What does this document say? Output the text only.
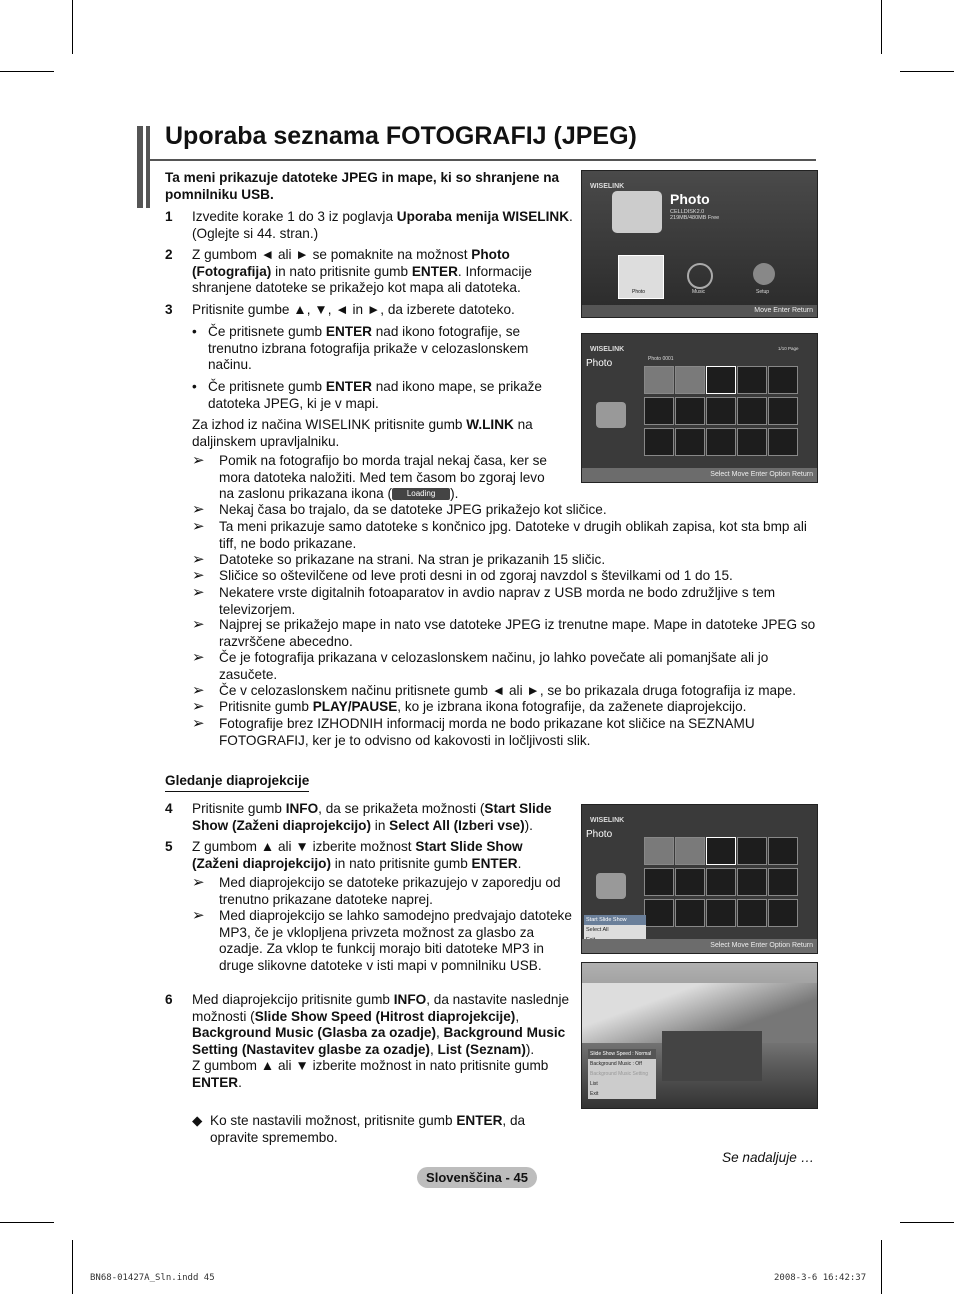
Uporaba seznama FOTOGRAFIJ (JPEG)
Ta meni prikazuje datoteke JPEG in mape, ki so shranjene na pomnilniku USB.
1 Izvedite korake 1 do 3 iz poglavja Uporaba menija WISELINK. (Oglejte si 44. stran.)
2 Z gumbom ◄ ali ► se pomaknite na možnost Photo (Fotografija) in nato pritisnite gumb ENTER. Informacije shranjene datoteke se prikažejo kot mapa ali datoteka.
3 Pritisnite gumbe ▲, ▼, ◄ in ►, da izberete datoteko.
• Če pritisnete gumb ENTER nad ikono fotografije, se trenutno izbrana fotografija prikaže v celozaslonskem načinu.
• Če pritisnete gumb ENTER nad ikono mape, se prikaže datoteka JPEG, ki je v mapi.
Za izhod iz načina WISELINK pritisnite gumb W.LINK na daljinskem upravljalniku.
➢ Pomik na fotografijo bo morda trajal nekaj časa, ker se mora datoteka naložiti. Med tem časom bo zgoraj levo na zaslonu prikazana ikona ( Loading ).
➢ Nekaj časa bo trajalo, da se datoteke JPEG prikažejo kot sličice.
➢ Ta meni prikazuje samo datoteke s končnico jpg. Datoteke v drugih oblikah zapisa, kot sta bmp ali tiff, ne bodo prikazane.
➢ Datoteke so prikazane na strani. Na stran je prikazanih 15 sličic.
➢ Sličice so oštevilčene od leve proti desni in od zgoraj navzdol s številkami od 1 do 15.
➢ Nekatere vrste digitalnih fotoaparatov in avdio naprav z USB morda ne bodo združljive s tem televizorjem.
➢ Najprej se prikažejo mape in nato vse datoteke JPEG iz trenutne mape. Mape in datoteke JPEG so razvrščene abecedno.
➢ Če je fotografija prikazana v celozaslonskem načinu, jo lahko povečate ali pomanjšate ali jo zasučete.
➢ Če v celozaslonskem načinu pritisnete gumb ◄ ali ►, se bo prikazala druga fotografija iz mape.
➢ Pritisnite gumb PLAY/PAUSE, ko je izbrana ikona fotografije, da zaženete diaprojekcijo.
➢ Fotografije brez IZHODNIH informacij morda ne bodo prikazane kot sličice na SEZNAMU FOTOGRAFIJ, ker je to odvisno od kakovosti in ločljivosti slik.
Gledanje diaprojekcije
4 Pritisnite gumb INFO, da se prikažeta možnosti (Start Slide Show (Zaženi diaprojekcijo) in Select All (Izberi vse)).
5 Z gumbom ▲ ali ▼ izberite možnost Start Slide Show (Zaženi diaprojekcijo) in nato pritisnite gumb ENTER.
➢ Med diaprojekcijo se datoteke prikazujejo v zaporedju od trenutno prikazane datoteke naprej.
➢ Med diaprojekcijo se lahko samodejno predvajajo datoteke MP3, če je vklopljena privzeta možnost za glasbo za ozadje. Za vklop te funkcij morajo biti datoteke MP3 in druge slikovne datoteke v isti mapi v pomnilniku USB.
6 Med diaprojekcijo pritisnite gumb INFO, da nastavite naslednje možnosti (Slide Show Speed (Hitrost diaprojekcije), Background Music (Glasba za ozadje), Background Music Setting (Nastavitev glasbe za ozadje), List (Seznam)).
Z gumbom ▲ ali ▼ izberite možnost in nato pritisnite gumb ENTER.
◆ Ko ste nastavili možnost, pritisnite gumb ENTER, da opravite spremembo.
Se nadaljuje …
Slovenščina - 45
BN68-01427A_Sln.indd 45	2008-3-6 16:42:37
WISELINK
Photo
CELLDISK2.0
219MB/480MB Free
Photo	Music	Setup
Move Enter Return
WISELINK	1/10 Page
Photo	Photo 0001
Select Move Enter Option Return
WISELINK
Photo
Start Slide Show
Select All
Select Move Enter Option Return
Slide Show Speed : Normal
Background Music : Off
Background Music Setting
List
Exit
